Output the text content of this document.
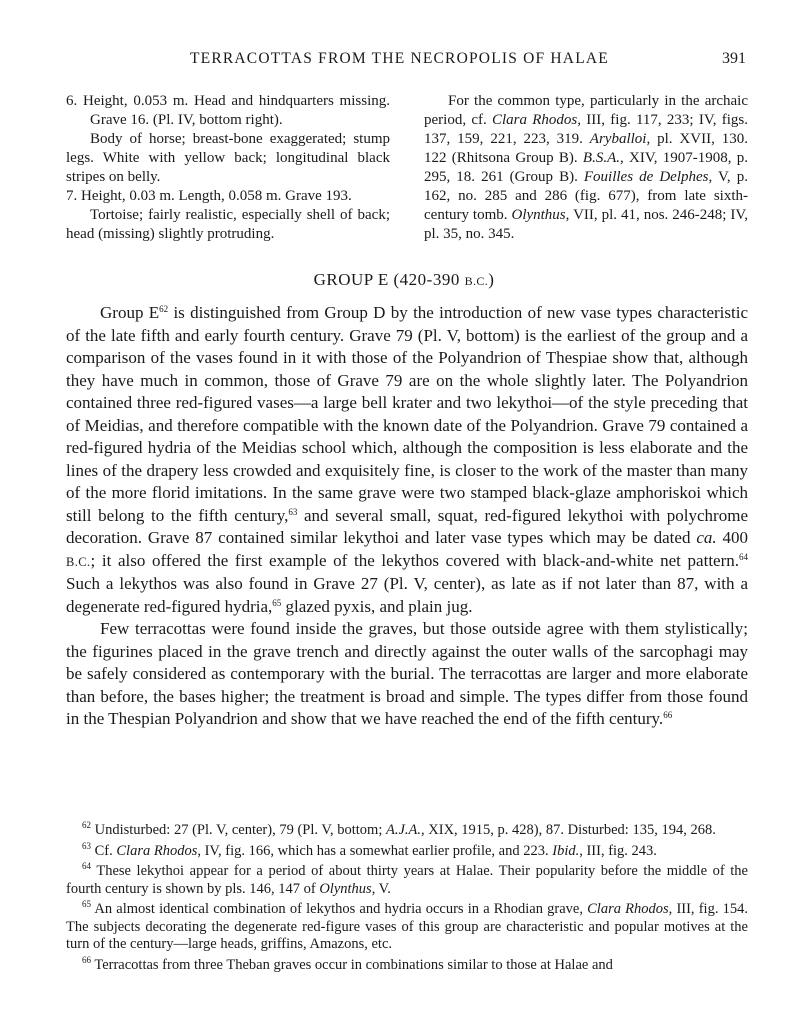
TERRACOTTAS FROM THE NECROPOLIS OF HALAE	391

6. Height, 0.053 m. Head and hindquarters missing. Grave 16. (Pl. IV, bottom right).

Body of horse; breast-bone exaggerated; stump legs. White with yellow back; longitudinal black stripes on belly.

7. Height, 0.03 m. Length, 0.058 m. Grave 193.

Tortoise; fairly realistic, especially shell of back; head (missing) slightly protruding.

For the common type, particularly in the archaic period, cf. Clara Rhodos, III, fig. 117, 233; IV, figs. 137, 159, 221, 223, 319. Aryballoi, pl. XVII, 130. 122 (Rhitsona Group B). B.S.A., XIV, 1907-1908, p. 295, 18. 261 (Group B). Fouilles de Delphes, V, p. 162, no. 285 and 286 (fig. 677), from late sixth-century tomb. Olynthus, VII, pl. 41, nos. 246-248; IV, pl. 35, no. 345.

GROUP E (420-390 B.C.)

Group $E^{62}$ is distinguished from Group D by the introduction of new vase types characteristic of the late fifth and early fourth century. Grave 79 (Pl. V, bottom) is the earliest of the group and a comparison of the vases found in it with those of the Polyandrion of Thespiae show that, although they have much in common, those of Grave 79 are on the whole slightly later. The Polyandrion contained three red-figured vases—a large bell krater and two lekythoi—of the style preceding that of Meidias, and therefore compatible with the known date of the Polyandrion. Grave 79 contained a red-figured hydria of the Meidias school which, although the composition is less elaborate and the lines of the drapery less crowded and exquisitely fine, is closer to the work of the master than many of the more florid imitations. In the same grave were two stamped black-glaze amphoriskoi which still belong to the fifth century,$^{63}$ and several small, squat, red-figured lekythoi with polychrome decoration. Grave 87 contained similar lekythoi and later vase types which may be dated ca. 400 B.C.; it also offered the first example of the lekythos covered with black-and-white net pattern.$^{64}$ Such a lekythos was also found in Grave 27 (Pl. V, center), as late as if not later than 87, with a degenerate red-figured hydria,$^{65}$ glazed pyxis, and plain jug.

Few terracottas were found inside the graves, but those outside agree with them stylistically; the figurines placed in the grave trench and directly against the outer walls of the sarcophagi may be safely considered as contemporary with the burial. The terracottas are larger and more elaborate than before, the bases higher; the treatment is broad and simple. The types differ from those found in the Thespian Polyandrion and show that we have reached the end of the fifth century.$^{66}$

$^{62}$ Undisturbed: 27 (Pl. V, center), 79 (Pl. V, bottom; A.J.A., XIX, 1915, p. 428), 87. Disturbed: 135, 194, 268.

$^{63}$ Cf. Clara Rhodos, IV, fig. 166, which has a somewhat earlier profile, and 223. Ibid., III, fig. 243.

$^{64}$ These lekythoi appear for a period of about thirty years at Halae. Their popularity before the middle of the fourth century is shown by pls. 146, 147 of Olynthus, V.

$^{65}$ An almost identical combination of lekythos and hydria occurs in a Rhodian grave, Clara Rhodos, III, fig. 154. The subjects decorating the degenerate red-figure vases of this group are characteristic and popular motives at the turn of the century—large heads, griffins, Amazons, etc.

$^{66}$ Terracottas from three Theban graves occur in combinations similar to those at Halae and
